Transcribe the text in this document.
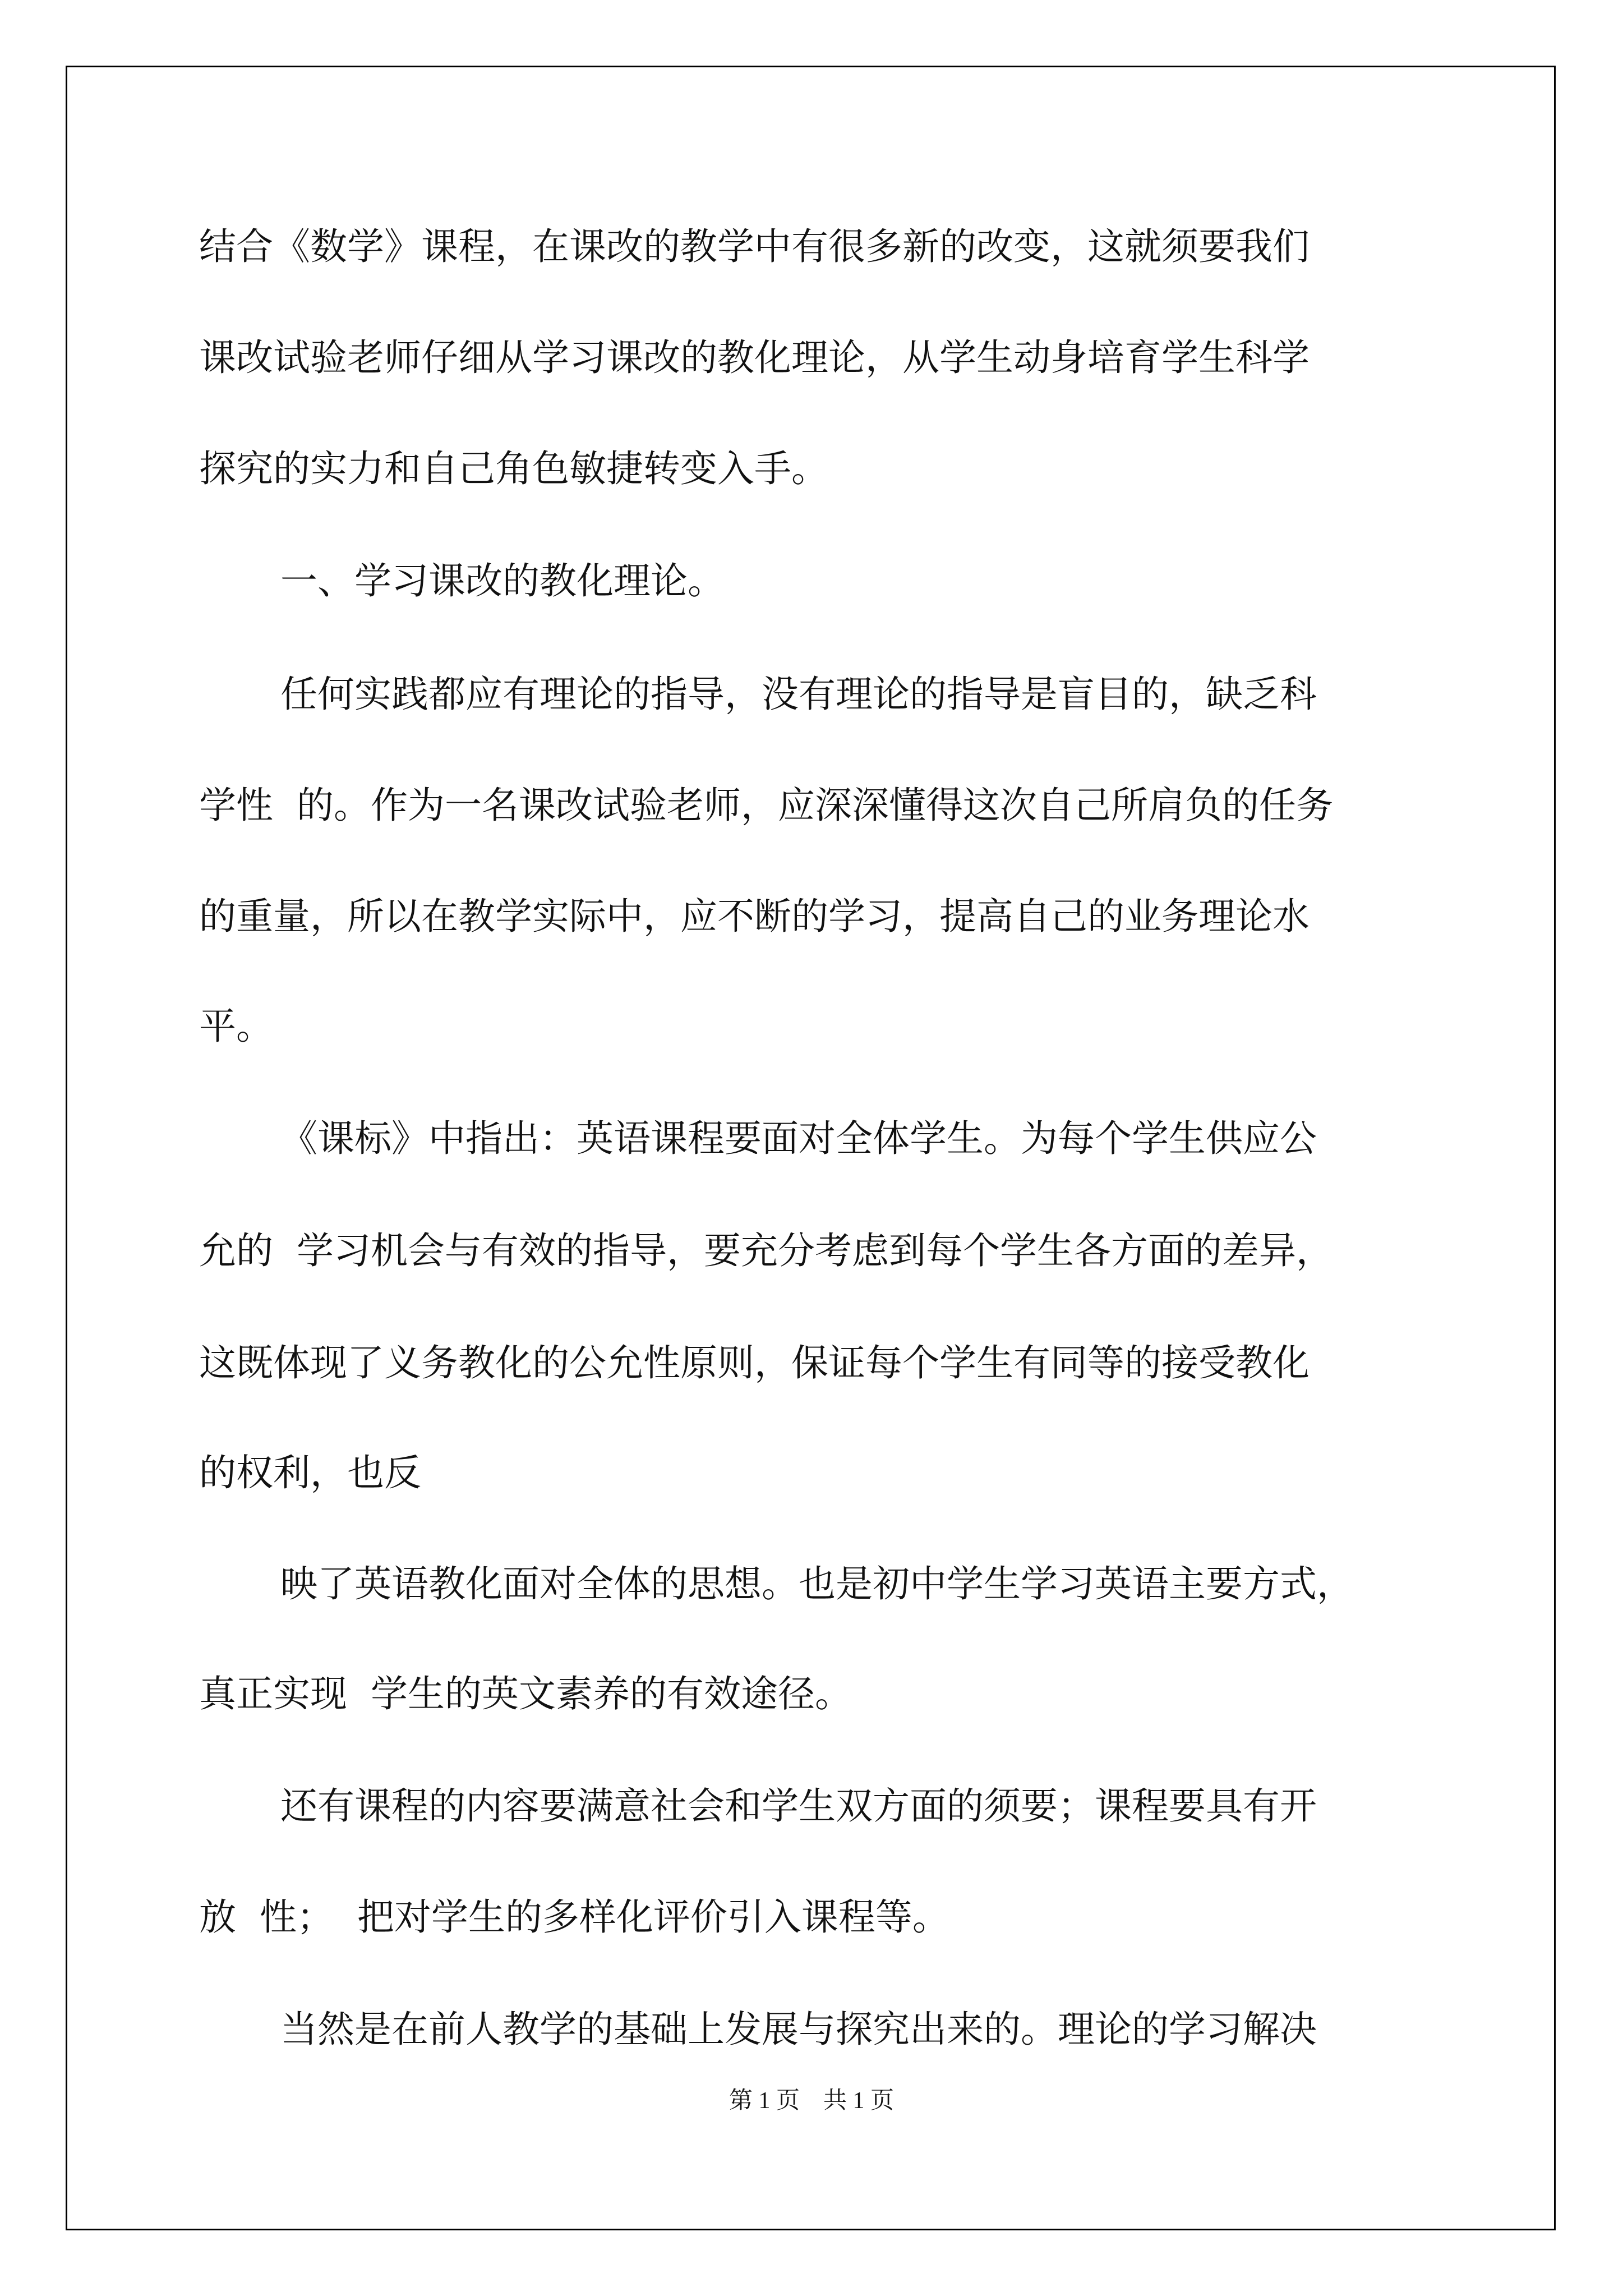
结合《数学》课程，在课改的教学中有很多新的改变，这就须要我们

课改试验老师仔细从学习课改的教化理论，从学生动身培育学生科学

探究的实力和自己角色敏捷转变入手。

一、学习课改的教化理论。

任何实践都应有理论的指导，没有理论的指导是盲目的，缺乏科

学性  的。作为一名课改试验老师，应深深懂得这次自己所肩负的任务

的重量，所以在教学实际中，应不断的学习，提高自己的业务理论水

平。

《课标》中指出：英语课程要面对全体学生。为每个学生供应公

允的  学习机会与有效的指导，要充分考虑到每个学生各方面的差异，

这既体现了义务教化的公允性原则，保证每个学生有同等的接受教化

的权利，也反

映了英语教化面对全体的思想。也是初中学生学习英语主要方式，

真正实现  学生的英文素养的有效途径。

还有课程的内容要满意社会和学生双方面的须要；课程要具有开

放  性；  把对学生的多样化评价引入课程等。

当然是在前人教学的基础上发展与探究出来的。理论的学习解决

第 1 页    共 1 页
